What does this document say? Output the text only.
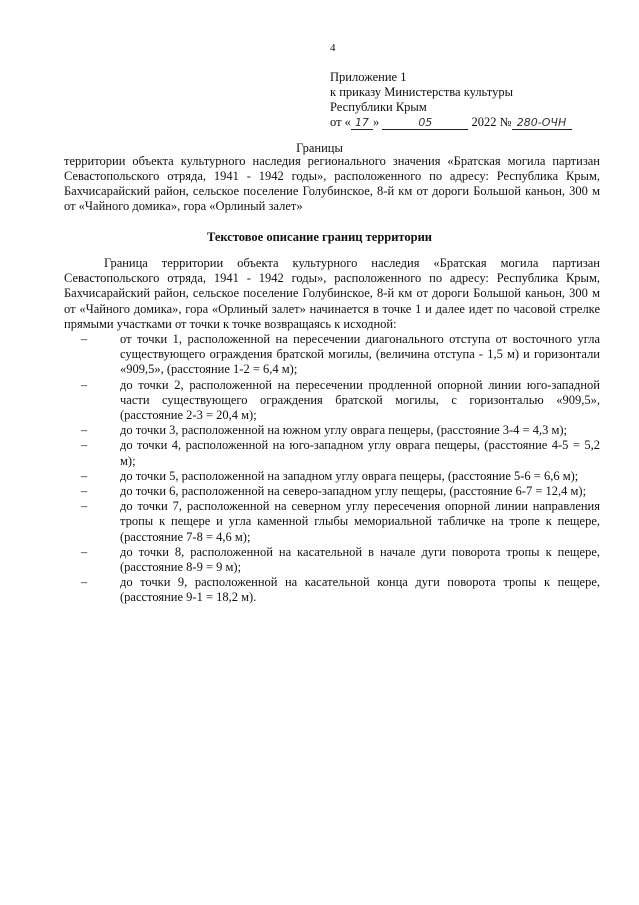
4
Приложение 1
к приказу Министерства культуры
Республики Крым
от « 17 »	05	2022 № 280-ОЧН
Границы
территории объекта культурного наследия регионального значения «Братская могила партизан Севастопольского отряда, 1941 - 1942 годы», расположенного по адресу: Республика Крым, Бахчисарайский район, сельское поселение Голубинское, 8-й км от дороги Большой каньон, 300 м от «Чайного домика», гора «Орлиный залет»
Текстовое описание границ территории

Граница территории объекта культурного наследия «Братская могила партизан Севастопольского отряда, 1941 - 1942 годы», расположенного по адресу: Республика Крым, Бахчисарайский район, сельское поселение Голубинское, 8-й км от дороги Большой каньон, 300 м от «Чайного домика», гора «Орлиный залет» начинается в точке 1 и далее идет по часовой стрелке прямыми участками от точки к точке возвращаясь к исходной:

–	от точки 1, расположенной на пересечении диагонального отступа от восточного угла существующего ограждения братской могилы, (величина отступа - 1,5 м) и горизонтали «909,5», (расстояние 1-2 = 6,4 м);
–	до точки 2, расположенной на пересечении продленной опорной линии юго-западной части существующего ограждения братской могилы, с горизонталью «909,5», (расстояние 2-3 = 20,4 м);
–	до точки 3, расположенной на южном углу оврага пещеры, (расстояние 3-4 = 4,3 м);
–	до точки 4, расположенной на юго-западном углу оврага пещеры, (расстояние 4-5 = 5,2 м);
–	до точки 5, расположенной на западном углу оврага пещеры, (расстояние 5-6 = 6,6 м);
–	до точки 6, расположенной на северо-западном углу пещеры, (расстояние 6-7 = 12,4 м);
–	до точки 7, расположенной на северном углу пересечения опорной линии направления тропы к пещере и угла каменной глыбы мемориальной табличке на тропе к пещере, (расстояние 7-8 = 4,6 м);
–	до точки 8, расположенной на касательной в начале дуги поворота тропы к пещере, (расстояние 8-9 = 9 м);
–	до точки 9, расположенной на касательной конца дуги поворота тропы к пещере, (расстояние 9-1 = 18,2 м).
